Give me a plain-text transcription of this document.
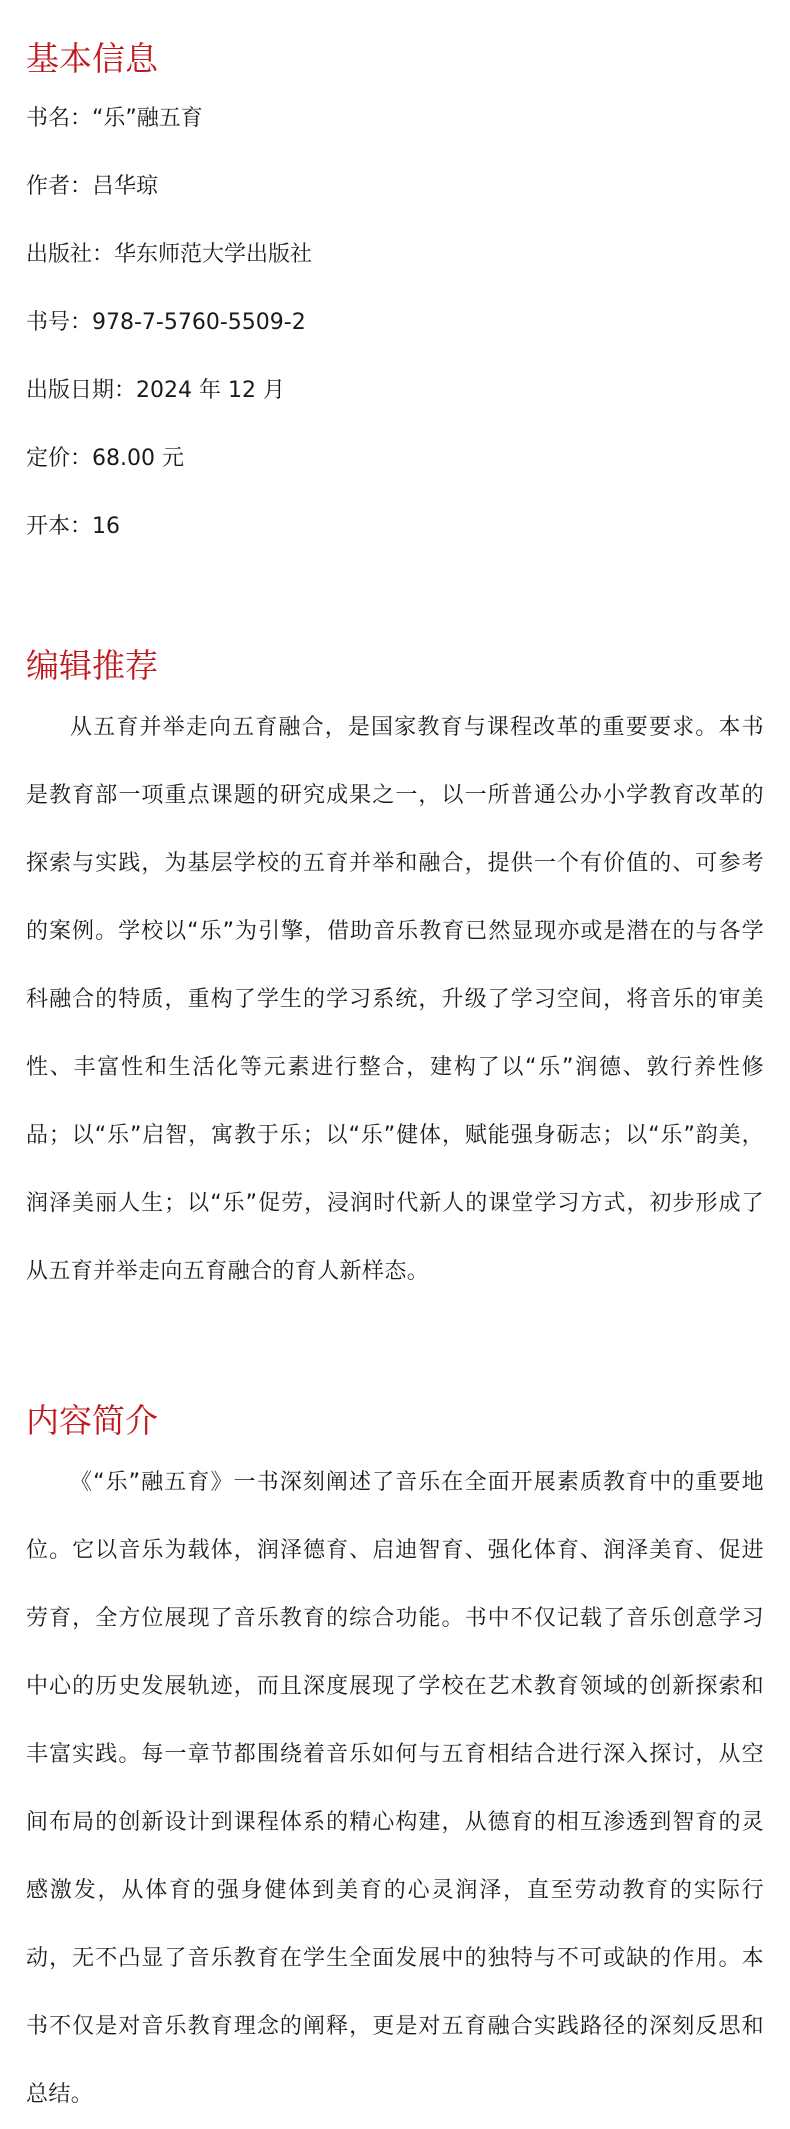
基本信息
书名：“乐”融五育
作者：吕华琼
出版社：华东师范大学出版社
书号：978-7-5760-5509-2
出版日期：2024 年 12 月
定价：68.00 元
开本：16
编辑推荐

从五育并举走向五育融合，是国家教育与课程改革的重要要求。本书是教育部一项重点课题的研究成果之一，以一所普通公办小学教育改革的探索与实践，为基层学校的五育并举和融合，提供一个有价值的、可参考的案例。学校以“乐”为引擎，借助音乐教育已然显现亦或是潜在的与各学科融合的特质，重构了学生的学习系统，升级了学习空间，将音乐的审美性、丰富性和生活化等元素进行整合，建构了以“乐”润德、敦行养性修品；以“乐”启智，寓教于乐；以“乐”健体，赋能强身砺志；以“乐”韵美，润泽美丽人生；以“乐”促劳，浸润时代新人的课堂学习方式，初步形成了从五育并举走向五育融合的育人新样态。

内容简介

《“乐”融五育》一书深刻阐述了音乐在全面开展素质教育中的重要地位。它以音乐为载体，润泽德育、启迪智育、强化体育、润泽美育、促进劳育，全方位展现了音乐教育的综合功能。书中不仅记载了音乐创意学习中心的历史发展轨迹，而且深度展现了学校在艺术教育领域的创新探索和丰富实践。每一章节都围绕着音乐如何与五育相结合进行深入探讨，从空间布局的创新设计到课程体系的精心构建，从德育的相互渗透到智育的灵感激发，从体育的强身健体到美育的心灵润泽，直至劳动教育的实际行动，无不凸显了音乐教育在学生全面发展中的独特与不可或缺的作用。本书不仅是对音乐教育理念的阐释，更是对五育融合实践路径的深刻反思和总结。
